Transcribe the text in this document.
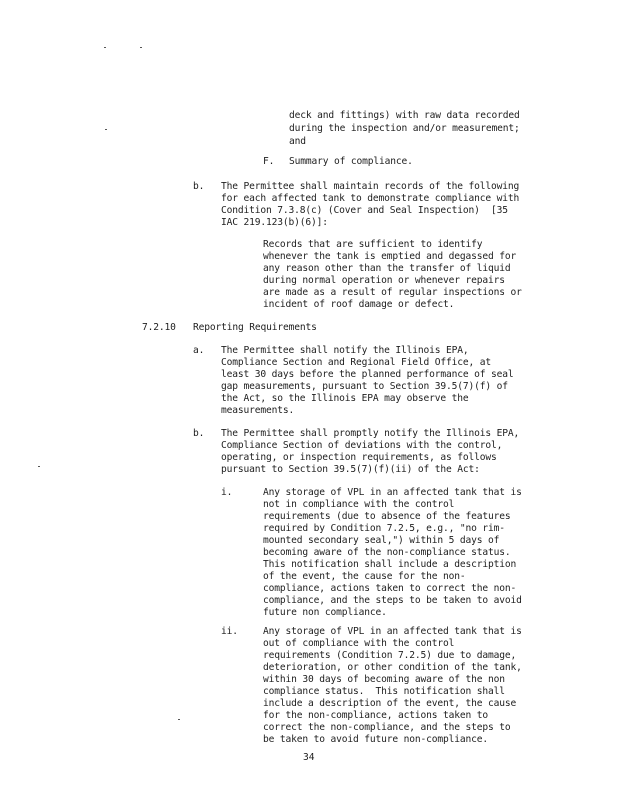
deck and fittings) with raw data recorded
during the inspection and/or measurement;
and
F. Summary of compliance.
b. The Permittee shall maintain records of the following
for each affected tank to demonstrate compliance with
Condition 7.3.8(c) (Cover and Seal Inspection)  [35
IAC 219.123(b)(6)]:
Records that are sufficient to identify
whenever the tank is emptied and degassed for
any reason other than the transfer of liquid
during normal operation or whenever repairs
are made as a result of regular inspections or
incident of roof damage or defect.
7.2.10 Reporting Requirements
a. The Permittee shall notify the Illinois EPA,
Compliance Section and Regional Field Office, at
least 30 days before the planned performance of seal
gap measurements, pursuant to Section 39.5(7)(f) of
the Act, so the Illinois EPA may observe the
measurements.
b. The Permittee shall promptly notify the Illinois EPA,
Compliance Section of deviations with the control,
operating, or inspection requirements, as follows
pursuant to Section 39.5(7)(f)(ii) of the Act:
i.	Any storage of VPL in an affected tank that is
not in compliance with the control
requirements (due to absence of the features
required by Condition 7.2.5, e.g., "no rim-
mounted secondary seal,") within 5 days of
becoming aware of the non-compliance status.
This notification shall include a description
of the event, the cause for the non-
compliance, actions taken to correct the non-
compliance, and the steps to be taken to avoid
future non compliance.
ii.	Any storage of VPL in an affected tank that is
out of compliance with the control
requirements (Condition 7.2.5) due to damage,
deterioration, or other condition of the tank,
within 30 days of becoming aware of the non
compliance status.  This notification shall
include a description of the event, the cause
for the non-compliance, actions taken to
correct the non-compliance, and the steps to
be taken to avoid future non-compliance.
34
